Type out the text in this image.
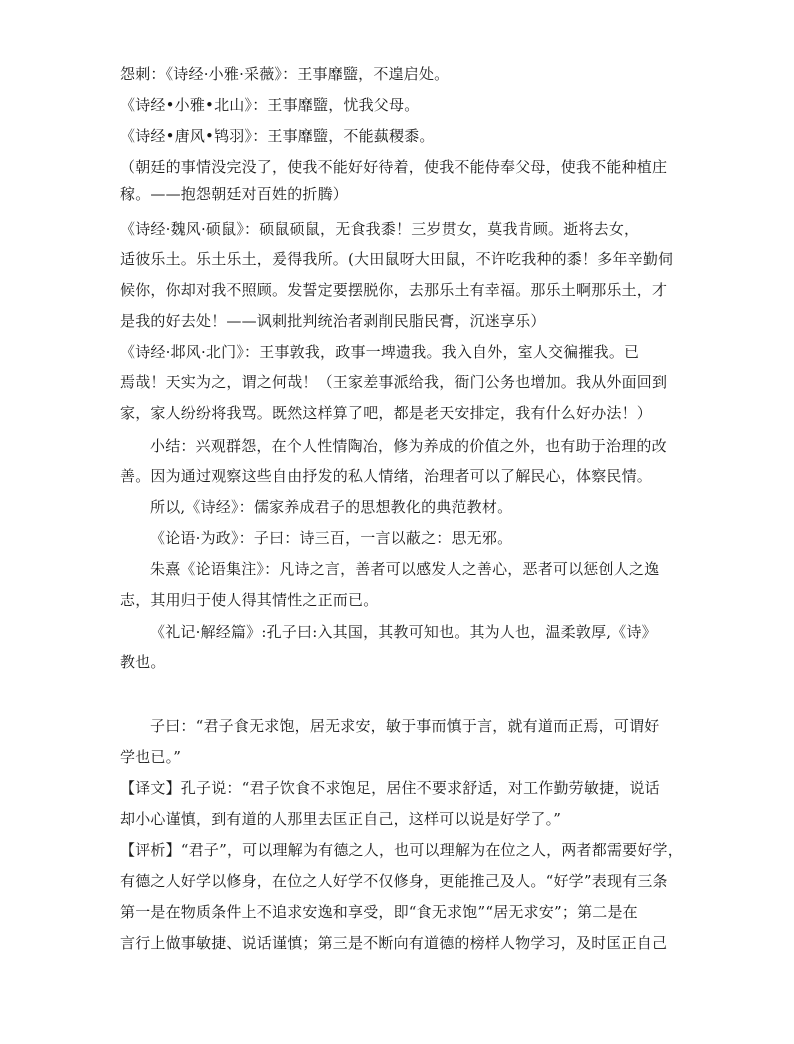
怨刺：《诗经·小雅·采薇》：王事靡盬，不遑启处。
《诗经•小雅•北山》：王事靡盬，忧我父母。
《诗经•唐风•鸨羽》：王事靡盬，不能蓺稷黍。
（朝廷的事情没完没了，使我不能好好待着，使我不能侍奉父母，使我不能种植庄
稼。——抱怨朝廷对百姓的折腾）
《诗经·魏风·硕鼠》：硕鼠硕鼠，无食我黍！三岁贯女，莫我肯顾。逝将去女，
适彼乐土。乐土乐土，爰得我所。(大田鼠呀大田鼠，不许吃我种的黍！多年辛勤伺
候你，你却对我不照顾。发誓定要摆脱你，去那乐土有幸福。那乐土啊那乐土，才
是我的好去处！——讽刺批判统治者剥削民脂民膏，沉迷享乐）
《诗经·邶风·北门》：王事敦我，政事一埤遗我。我入自外，室人交徧摧我。已
焉哉！天实为之，谓之何哉！（王家差事派给我，衙门公务也增加。我从外面回到
家，家人纷纷将我骂。既然这样算了吧，都是老天安排定，我有什么好办法！）
小结：兴观群怨，在个人性情陶冶，修为养成的价值之外，也有助于治理的改
善。因为通过观察这些自由抒发的私人情绪，治理者可以了解民心，体察民情。
所以,《诗经》：儒家养成君子的思想教化的典范教材。
《论语·为政》：子曰：诗三百，一言以蔽之：思无邪。
朱熹《论语集注》：凡诗之言，善者可以感发人之善心，恶者可以惩创人之逸
志，其用归于使人得其情性之正而已。
《礼记·解经篇》:孔子曰:入其国，其教可知也。其为人也，温柔敦厚,《诗》
教也。
子曰：“君子食无求饱，居无求安，敏于事而慎于言，就有道而正焉，可谓好
学也已。”
【译文】孔子说：“君子饮食不求饱足，居住不要求舒适，对工作勤劳敏捷，说话
却小心谨慎，到有道的人那里去匡正自己，这样可以说是好学了。”
【评析】“君子”，可以理解为有德之人，也可以理解为在位之人，两者都需要好学，
有德之人好学以修身，在位之人好学不仅修身，更能推己及人。“好学”表现有三条
第一是在物质条件上不追求安逸和享受，即“食无求饱”“居无求安”；第二是在
言行上做事敏捷、说话谨慎；第三是不断向有道德的榜样人物学习，及时匡正自己
